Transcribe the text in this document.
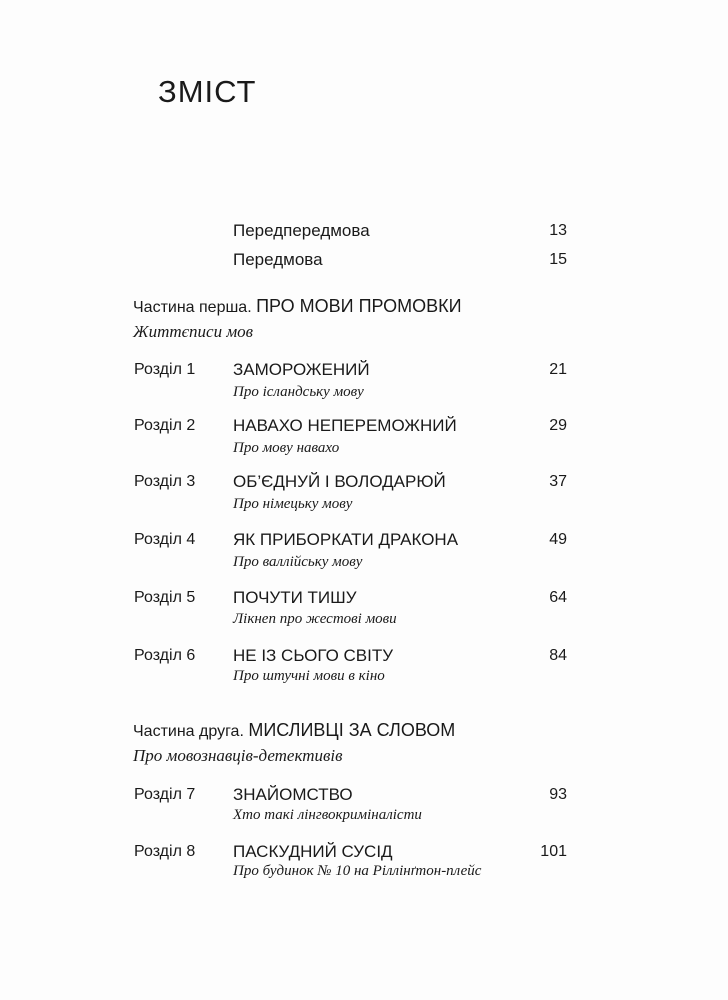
ЗМІСТ
Передпередмова	13
Передмова	15
Частина перша. ПРО МОВИ ПРОМОВКИ
Життєписи мов
Розділ 1 ЗАМОРОЖЕНИЙ	21
Про ісландську мову
Розділ 2 НАВАХО НЕПЕРЕМОЖНИЙ	29
Про мову навахо
Розділ 3 ОБ’ЄДНУЙ І ВОЛОДАРЮЙ	37
Про німецьку мову
Розділ 4 ЯК ПРИБОРКАТИ ДРАКОНА	49
Про валлійську мову
Розділ 5 ПОЧУТИ ТИШУ	64
Лікнеп про жестові мови
Розділ 6 НЕ ІЗ СЬОГО СВІТУ	84
Про штучні мови в кіно
Частина друга. МИСЛИВЦІ ЗА СЛОВОМ
Про мовознавців-детективів
Розділ 7 ЗНАЙОМСТВО	93
Хто такі лінгвокриміналісти
Розділ 8 ПАСКУДНИЙ СУСІД	101
Про будинок № 10 на Ріллінґтон-плейс
